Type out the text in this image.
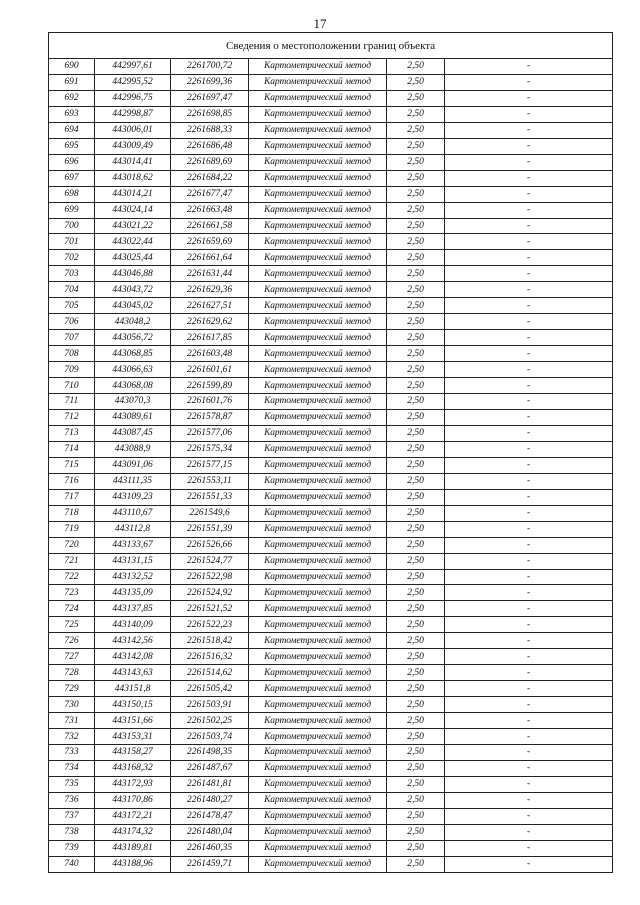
17
Сведения о местоположении границ объекта					
690	442997,61	2261700,72	Картометрический метод	2,50	-
691	442995,52	2261699,36	Картометрический метод	2,50	-
692	442996,75	2261697,47	Картометрический метод	2,50	-
693	442998,87	2261698,85	Картометрический метод	2,50	-
694	443006,01	2261688,33	Картометрический метод	2,50	-
695	443009,49	2261686,48	Картометрический метод	2,50	-
696	443014,41	2261689,69	Картометрический метод	2,50	-
697	443018,62	2261684,22	Картометрический метод	2,50	-
698	443014,21	2261677,47	Картометрический метод	2,50	-
699	443024,14	2261663,48	Картометрический метод	2,50	-
700	443021,22	2261661,58	Картометрический метод	2,50	-
701	443022,44	2261659,69	Картометрический метод	2,50	-
702	443025,44	2261661,64	Картометрический метод	2,50	-
703	443046,88	2261631,44	Картометрический метод	2,50	-
704	443043,72	2261629,36	Картометрический метод	2,50	-
705	443045,02	2261627,51	Картометрический метод	2,50	-
706	443048,2	2261629,62	Картометрический метод	2,50	-
707	443056,72	2261617,85	Картометрический метод	2,50	-
708	443068,85	2261603,48	Картометрический метод	2,50	-
709	443066,63	2261601,61	Картометрический метод	2,50	-
710	443068,08	2261599,89	Картометрический метод	2,50	-
711	443070,3	2261601,76	Картометрический метод	2,50	-
712	443089,61	2261578,87	Картометрический метод	2,50	-
713	443087,45	2261577,06	Картометрический метод	2,50	-
714	443088,9	2261575,34	Картометрический метод	2,50	-
715	443091,06	2261577,15	Картометрический метод	2,50	-
716	443111,35	2261553,11	Картометрический метод	2,50	-
717	443109,23	2261551,33	Картометрический метод	2,50	-
718	443110,67	2261549,6	Картометрический метод	2,50	-
719	443112,8	2261551,39	Картометрический метод	2,50	-
720	443133,67	2261526,66	Картометрический метод	2,50	-
721	443131,15	2261524,77	Картометрический метод	2,50	-
722	443132,52	2261522,98	Картометрический метод	2,50	-
723	443135,09	2261524,92	Картометрический метод	2,50	-
724	443137,85	2261521,52	Картометрический метод	2,50	-
725	443140,09	2261522,23	Картометрический метод	2,50	-
726	443142,56	2261518,42	Картометрический метод	2,50	-
727	443142,08	2261516,32	Картометрический метод	2,50	-
728	443143,63	2261514,62	Картометрический метод	2,50	-
729	443151,8	2261505,42	Картометрический метод	2,50	-
730	443150,15	2261503,91	Картометрический метод	2,50	-
731	443151,66	2261502,25	Картометрический метод	2,50	-
732	443153,31	2261503,74	Картометрический метод	2,50	-
733	443158,27	2261498,35	Картометрический метод	2,50	-
734	443168,32	2261487,67	Картометрический метод	2,50	-
735	443172,93	2261481,81	Картометрический метод	2,50	-
736	443170,86	2261480,27	Картометрический метод	2,50	-
737	443172,21	2261478,47	Картометрический метод	2,50	-
738	443174,32	2261480,04	Картометрический метод	2,50	-
739	443189,81	2261460,35	Картометрический метод	2,50	-
740	443188,96	2261459,71	Картометрический метод	2,50	-
